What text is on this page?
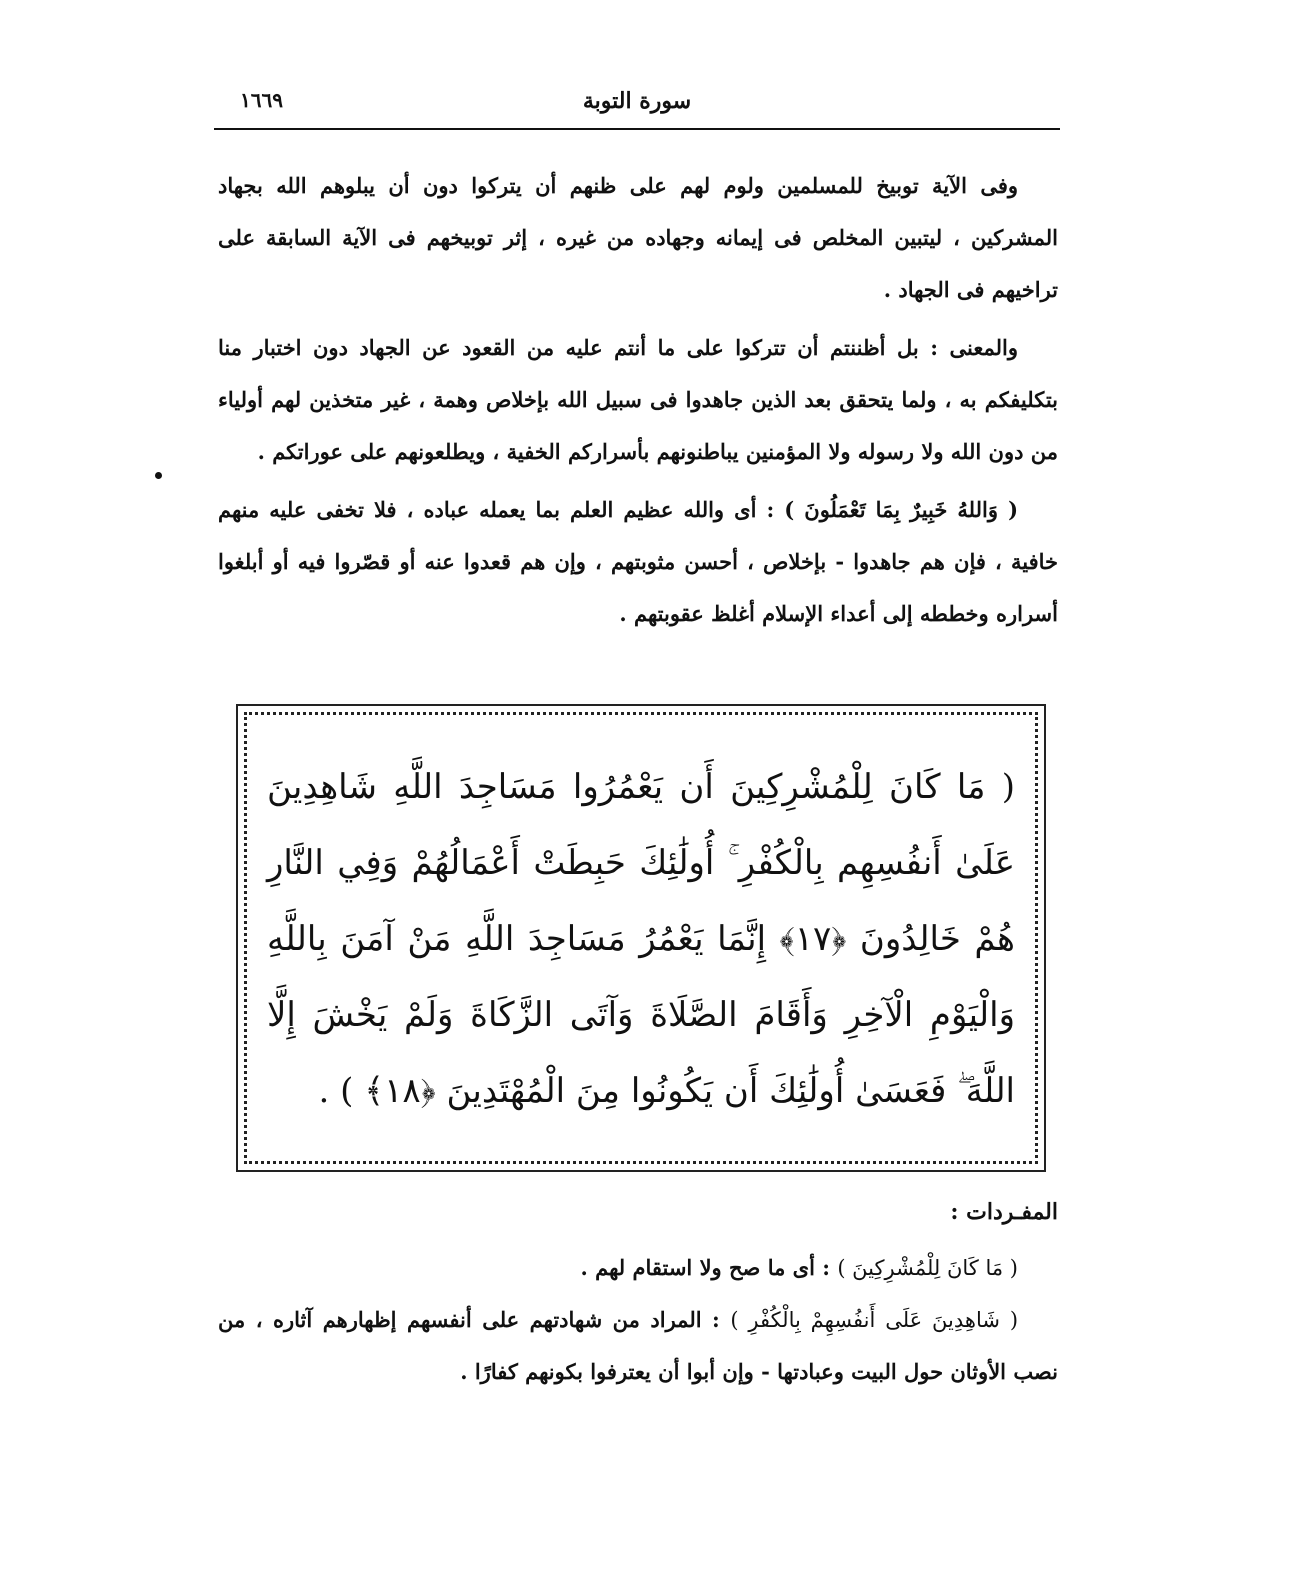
سورة التوبة
١٦٦٩

وفى الآية توبيخ للمسلمين ولوم لهم على ظنهم أن يتركوا دون أن يبلوهم الله بجهاد المشركين ، ليتبين المخلص فى إيمانه وجهاده من غيره ، إثر توبيخهم فى الآية السابقة على تراخيهم فى الجهاد .

والمعنى : بل أظننتم أن تتركوا على ما أنتم عليه من القعود عن الجهاد دون اختبار منا بتكليفكم به ، ولما يتحقق بعد الذين جاهدوا فى سبيل الله بإخلاص وهمة ، غير متخذين لهم أولياء من دون الله ولا رسوله ولا المؤمنين يباطنونهم بأسراركم الخفية ، ويطلعونهم على عوراتكم .

( وَاللهُ خَبِيرٌ بِمَا تَعْمَلُونَ ) : أى والله عظيم العلم بما يعمله عباده ، فلا تخفى عليه منهم خافية ، فإن هم جاهدوا - بإخلاص ، أحسن مثوبتهم ، وإن هم قعدوا عنه أو قصّروا فيه أو أبلغوا أسراره وخططه إلى أعداء الإسلام أغلظ عقوبتهم .

( مَا كَانَ لِلْمُشْرِكِينَ أَن يَعْمُرُوا مَسَاجِدَ اللَّهِ شَاهِدِينَ عَلَىٰ أَنفُسِهِم بِالْكُفْرِ ۚ أُولَٰئِكَ حَبِطَتْ أَعْمَالُهُمْ وَفِي النَّارِ هُمْ خَالِدُونَ ﴿١٧﴾ إِنَّمَا يَعْمُرُ مَسَاجِدَ اللَّهِ مَنْ آمَنَ بِاللَّهِ وَالْيَوْمِ الْآخِرِ وَأَقَامَ الصَّلَاةَ وَآتَى الزَّكَاةَ وَلَمْ يَخْشَ إِلَّا اللَّهَ ۖ فَعَسَىٰ أُولَٰئِكَ أَن يَكُونُوا مِنَ الْمُهْتَدِينَ ﴿١٨﴾ ) .
المفـردات :

( مَا كَانَ لِلْمُشْرِكِينَ ) : أى ما صح ولا استقام لهم .

( شَاهِدِينَ عَلَى أَنفُسِهِمْ بِالْكُفْرِ ) : المراد من شهادتهم على أنفسهم إظهارهم آثاره ، من نصب الأوثان حول البيت وعبادتها - وإن أبوا أن يعترفوا بكونهم كفارًا .
